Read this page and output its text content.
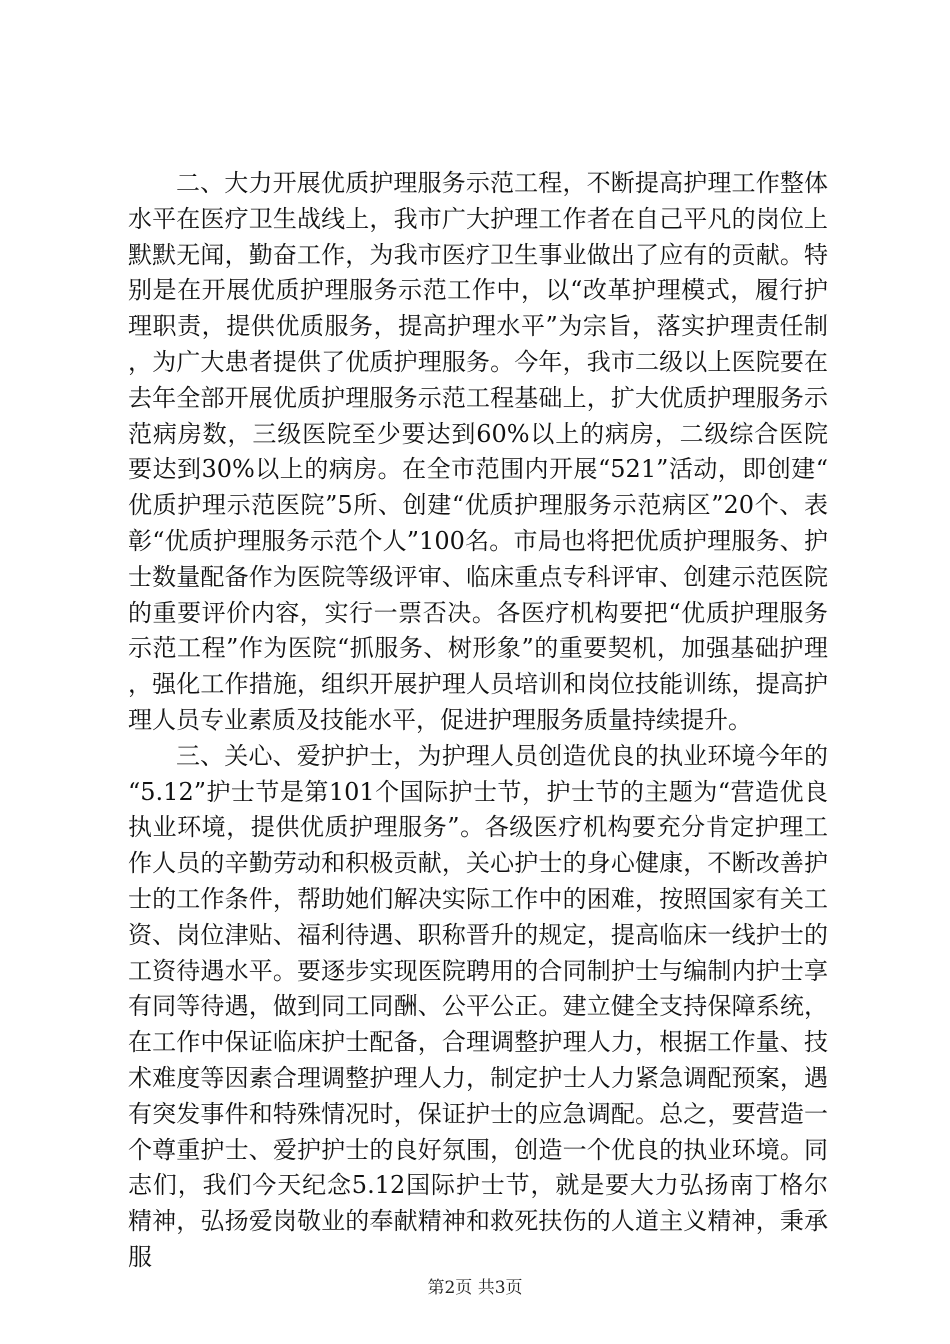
二、大力开展优质护理服务示范工程，不断提高护理工作整体水平在医疗卫生战线上，我市广大护理工作者在自己平凡的岗位上默默无闻，勤奋工作，为我市医疗卫生事业做出了应有的贡献。特别是在开展优质护理服务示范工作中，以“改革护理模式，履行护理职责，提供优质服务，提高护理水平”为宗旨，落实护理责任制，为广大患者提供了优质护理服务。今年，我市二级以上医院要在去年全部开展优质护理服务示范工程基础上，扩大优质护理服务示范病房数，三级医院至少要达到60%以上的病房，二级综合医院要达到30%以上的病房。在全市范围内开展“521”活动，即创建“优质护理示范医院”5所、创建“优质护理服务示范病区”20个、表彰“优质护理服务示范个人”100名。市局也将把优质护理服务、护士数量配备作为医院等级评审、临床重点专科评审、创建示范医院的重要评价内容，实行一票否决。各医疗机构要把“优质护理服务示范工程”作为医院“抓服务、树形象”的重要契机，加强基础护理，强化工作措施，组织开展护理人员培训和岗位技能训练，提高护理人员专业素质及技能水平，促进护理服务质量持续提升。

三、关心、爱护护士，为护理人员创造优良的执业环境今年的“5.12”护士节是第101个国际护士节，护士节的主题为“营造优良执业环境，提供优质护理服务”。各级医疗机构要充分肯定护理工作人员的辛勤劳动和积极贡献，关心护士的身心健康，不断改善护士的工作条件，帮助她们解决实际工作中的困难，按照国家有关工资、岗位津贴、福利待遇、职称晋升的规定，提高临床一线护士的工资待遇水平。要逐步实现医院聘用的合同制护士与编制内护士享有同等待遇，做到同工同酬、公平公正。建立健全支持保障系统，在工作中保证临床护士配备，合理调整护理人力，根据工作量、技术难度等因素合理调整护理人力，制定护士人力紧急调配预案，遇有突发事件和特殊情况时，保证护士的应急调配。总之，要营造一个尊重护士、爱护护士的良好氛围，创造一个优良的执业环境。同志们，我们今天纪念5.12国际护士节，就是要大力弘扬南丁格尔精神，弘扬爱岗敬业的奉献精神和救死扶伤的人道主义精神，秉承服

第2页 共3页
